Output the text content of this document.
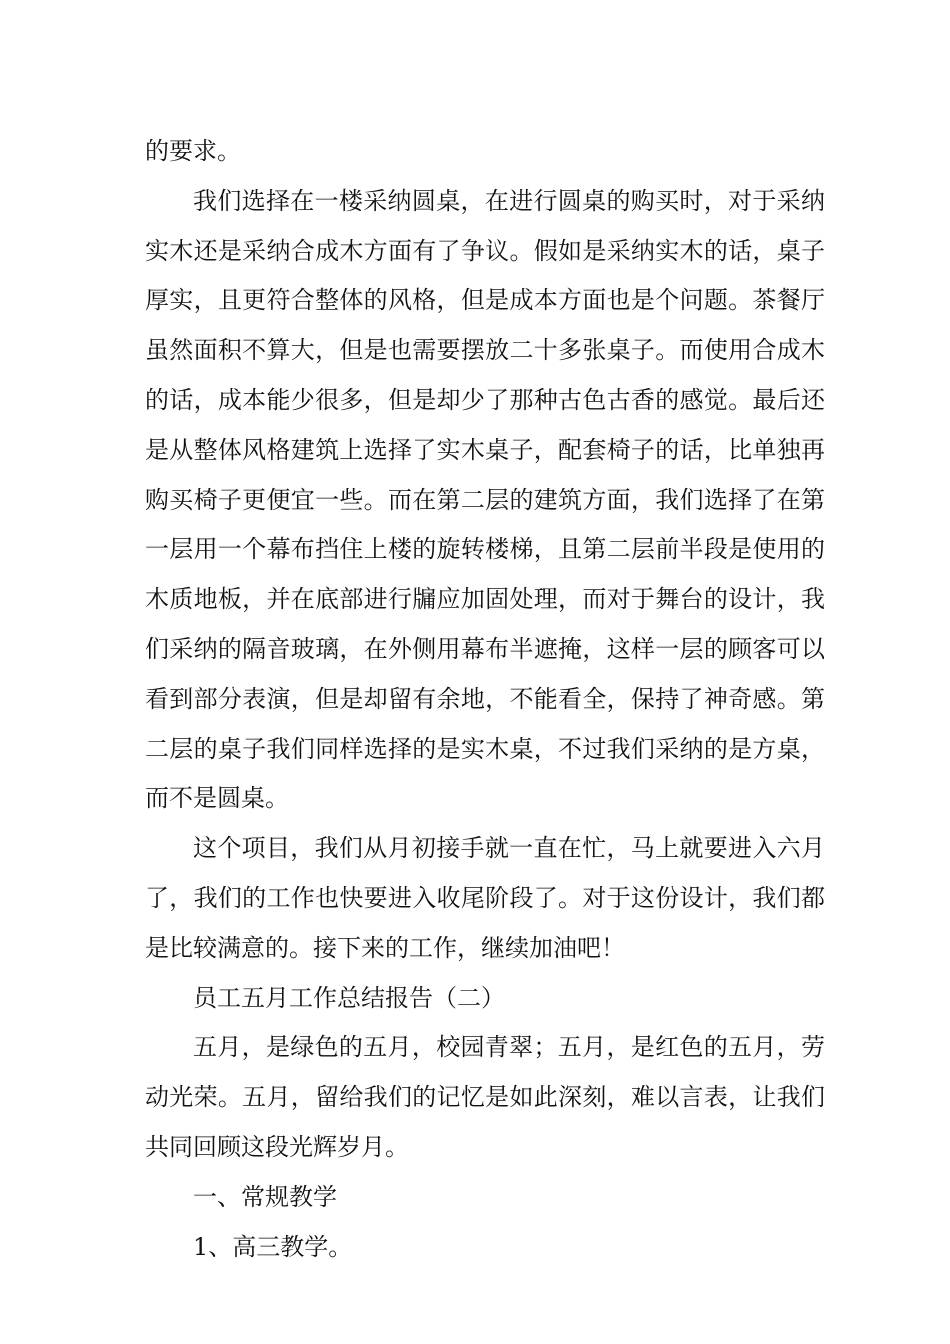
的要求。

我们选择在一楼采纳圆桌，在进行圆桌的购买时，对于采纳实木还是采纳合成木方面有了争议。假如是采纳实木的话，桌子厚实，且更符合整体的风格，但是成本方面也是个问题。茶餐厅虽然面积不算大，但是也需要摆放二十多张桌子。而使用合成木的话，成本能少很多，但是却少了那种古色古香的感觉。最后还是从整体风格建筑上选择了实木桌子，配套椅子的话，比单独再购买椅子更便宜一些。而在第二层的建筑方面，我们选择了在第一层用一个幕布挡住上楼的旋转楼梯，且第二层前半段是使用的木质地板，并在底部进行牖应加固处理，而对于舞台的设计，我们采纳的隔音玻璃，在外侧用幕布半遮掩，这样一层的顾客可以看到部分表演，但是却留有余地，不能看全，保持了神奇感。第二层的桌子我们同样选择的是实木桌，不过我们采纳的是方桌，而不是圆桌。

这个项目，我们从月初接手就一直在忙，马上就要进入六月了，我们的工作也快要进入收尾阶段了。对于这份设计，我们都是比较满意的。接下来的工作，继续加油吧！

员工五月工作总结报告（二）

五月，是绿色的五月，校园青翠；五月，是红色的五月，劳动光荣。五月，留给我们的记忆是如此深刻，难以言表，让我们共同回顾这段光辉岁月。

一、常规教学

1、高三教学。
